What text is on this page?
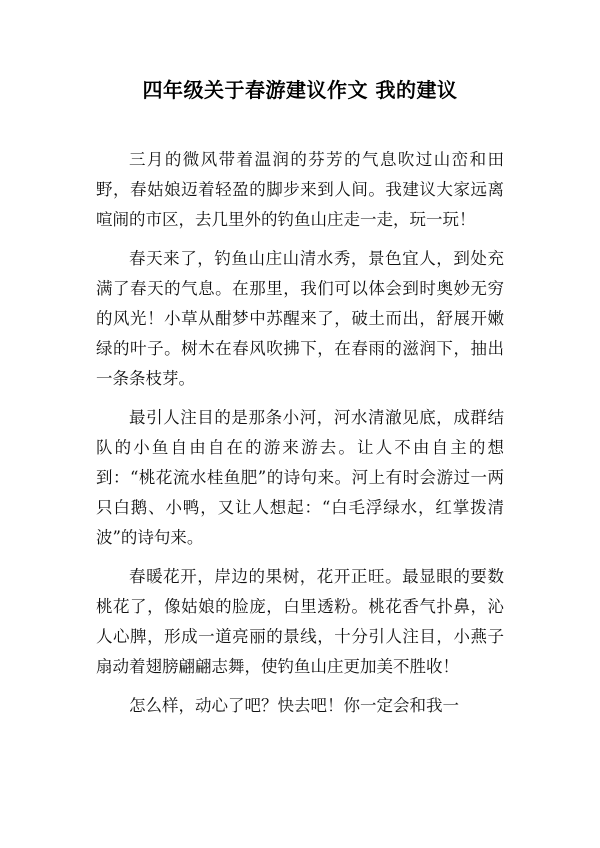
四年级关于春游建议作文 我的建议

三月的微风带着温润的芬芳的气息吹过山峦和田野，春姑娘迈着轻盈的脚步来到人间。我建议大家远离喧闹的市区，去几里外的钓鱼山庄走一走，玩一玩！

春天来了，钓鱼山庄山清水秀，景色宜人，到处充满了春天的气息。在那里，我们可以体会到时奥妙无穷的风光！小草从酣梦中苏醒来了，破土而出，舒展开嫩绿的叶子。树木在春风吹拂下，在春雨的滋润下，抽出一条条枝芽。

最引人注目的是那条小河，河水清澈见底，成群结队的小鱼自由自在的游来游去。让人不由自主的想到：“桃花流水桂鱼肥”的诗句来。河上有时会游过一两只白鹅、小鸭，又让人想起：“白毛浮绿水，红掌拨清波”的诗句来。

春暖花开，岸边的果树，花开正旺。最显眼的要数桃花了，像姑娘的脸庞，白里透粉。桃花香气扑鼻，沁人心脾，形成一道亮丽的景线，十分引人注目，小燕子扇动着翅膀翩翩志舞，使钓鱼山庄更加美不胜收！

怎么样，动心了吧？快去吧！你一定会和我一
